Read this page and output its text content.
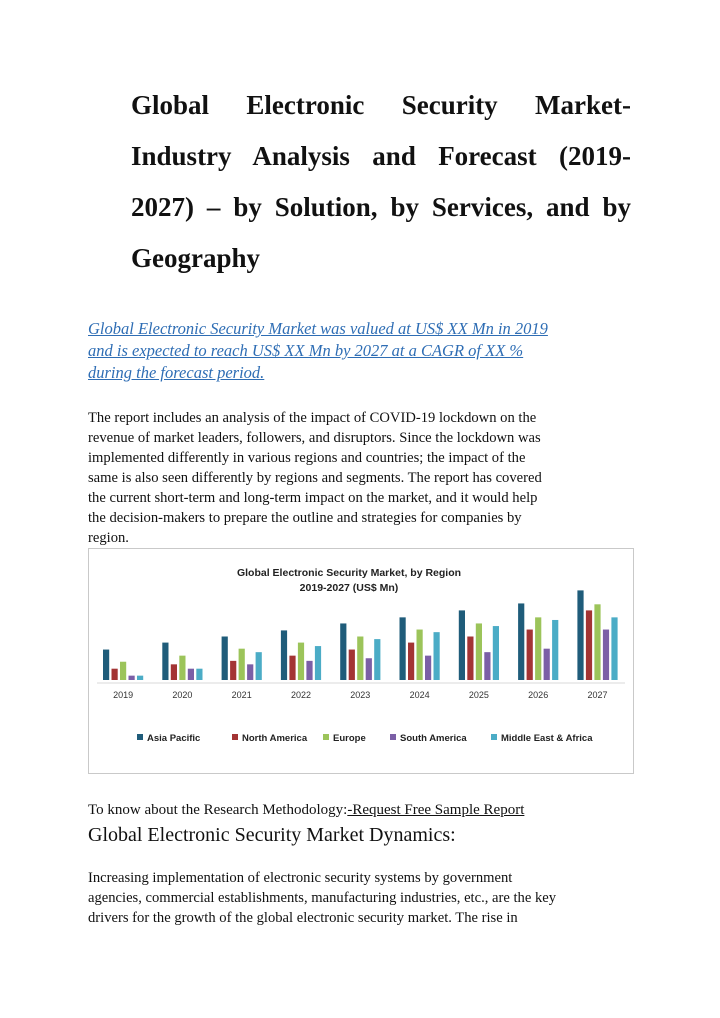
Global Electronic Security Market-
Industry Analysis and Forecast (2019-
2027) – by Solution, by Services, and by
Geography
Global Electronic Security Market was valued at US$ XX Mn in 2019
and is expected to reach US$ XX Mn by 2027 at a CAGR of XX %
during the forecast period.
The report includes an analysis of the impact of COVID-19 lockdown on the
revenue of market leaders, followers, and disruptors. Since the lockdown was
implemented differently in various regions and countries; the impact of the
same is also seen differently by regions and segments. The report has covered
the current short-term and long-term impact on the market, and it would help
the decision-makers to prepare the outline and strategies for companies by
region.
Global Electronic Security Market, by Region
2019-2027 (US$ Mn)
2019	2020	2021	2022	2023	2024	2025	2026	2027
Asia Pacific	North America	Europe	South America	Middle East & Africa
To know about the Research Methodology:-Request Free Sample Report
Global Electronic Security Market Dynamics:
Increasing implementation of electronic security systems by government
agencies, commercial establishments, manufacturing industries, etc., are the key
drivers for the growth of the global electronic security market. The rise in
